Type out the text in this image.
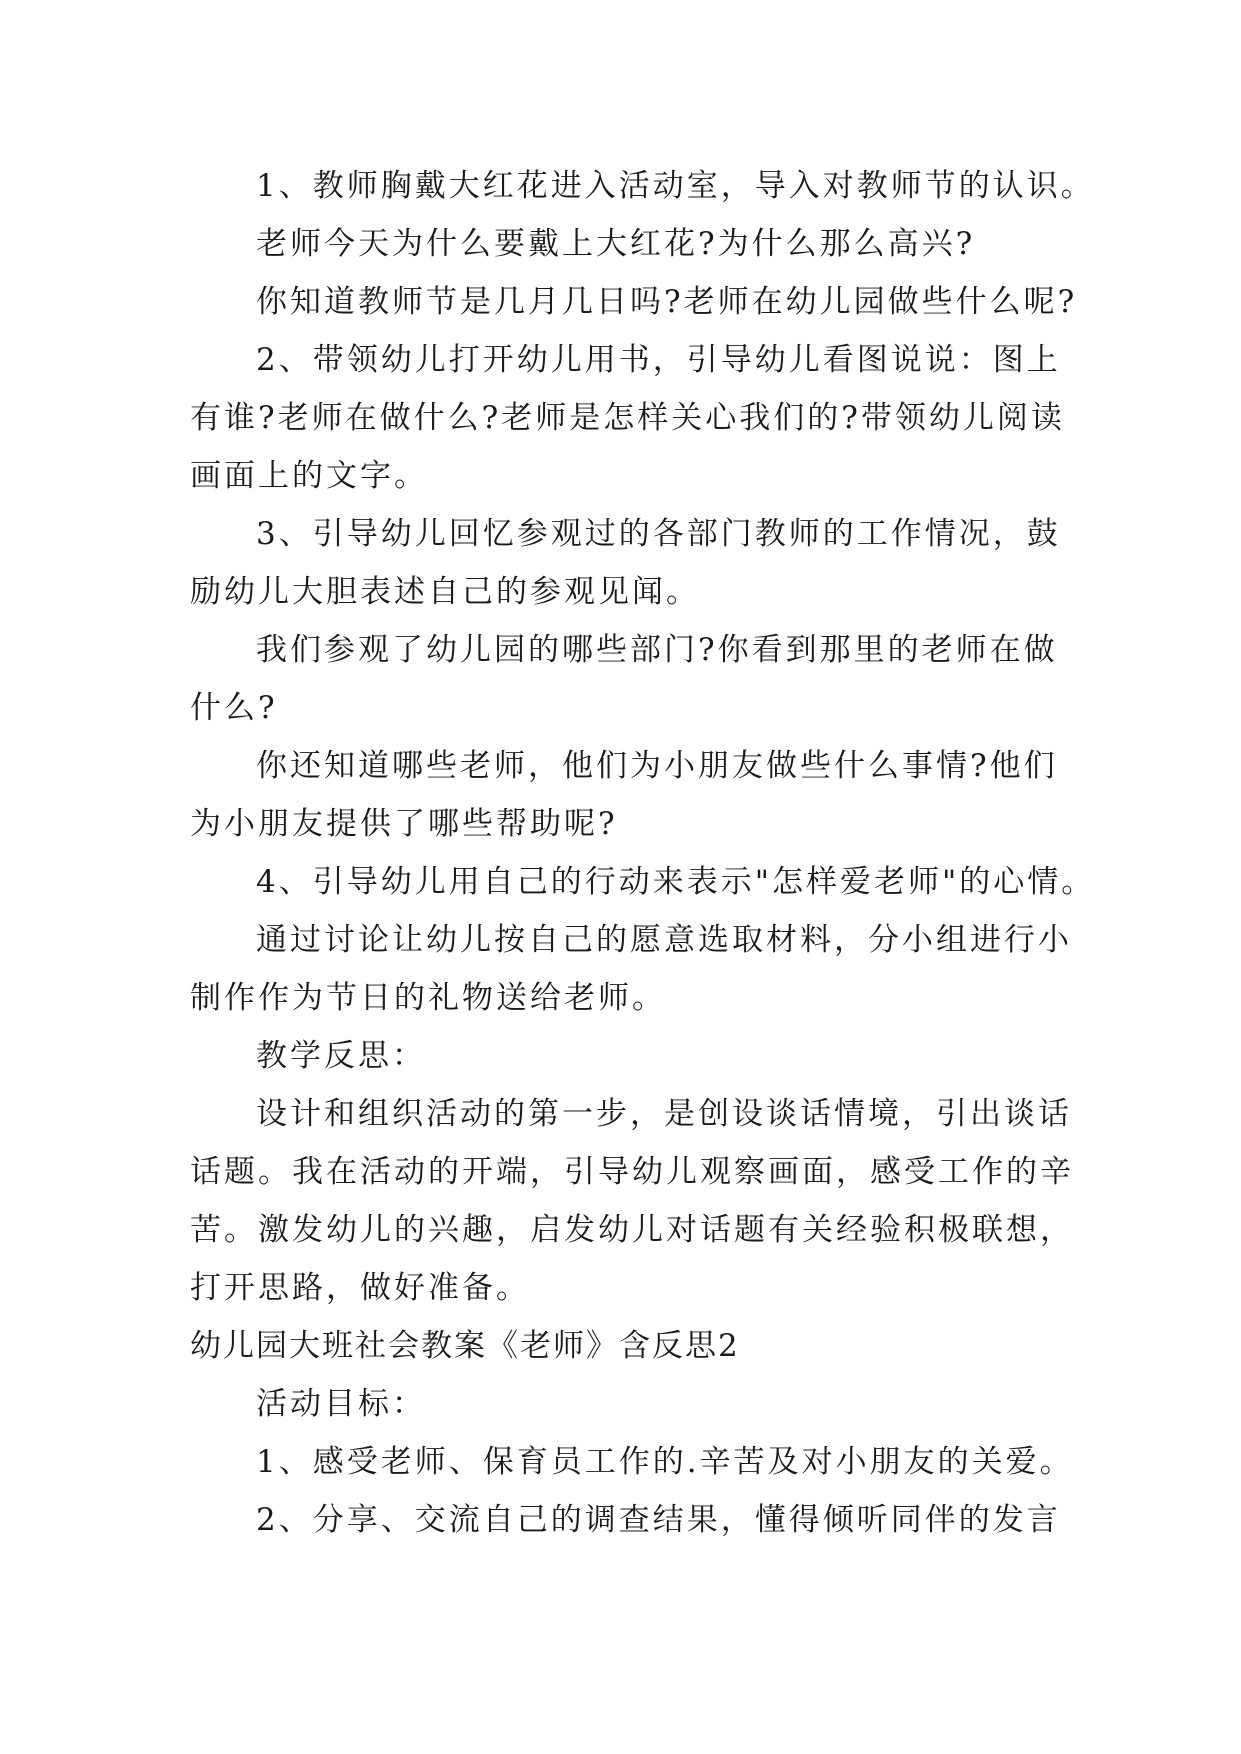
1、教师胸戴大红花进入活动室，导入对教师节的认识。
老师今天为什么要戴上大红花?为什么那么高兴?
你知道教师节是几月几日吗?老师在幼儿园做些什么呢?
2、带领幼儿打开幼儿用书，引导幼儿看图说说：图上
有谁?老师在做什么?老师是怎样关心我们的?带领幼儿阅读
画面上的文字。
3、引导幼儿回忆参观过的各部门教师的工作情况，鼓
励幼儿大胆表述自己的参观见闻。
我们参观了幼儿园的哪些部门?你看到那里的老师在做
什么?
你还知道哪些老师，他们为小朋友做些什么事情?他们
为小朋友提供了哪些帮助呢?
4、引导幼儿用自己的行动来表示"怎样爱老师"的心情。
通过讨论让幼儿按自己的愿意选取材料，分小组进行小
制作作为节日的礼物送给老师。
教学反思：
设计和组织活动的第一步，是创设谈话情境，引出谈话
话题。我在活动的开端，引导幼儿观察画面，感受工作的辛
苦。激发幼儿的兴趣，启发幼儿对话题有关经验积极联想，
打开思路，做好准备。
幼儿园大班社会教案《老师》含反思2
活动目标：
1、感受老师、保育员工作的.辛苦及对小朋友的关爱。
2、分享、交流自己的调查结果，懂得倾听同伴的发言
